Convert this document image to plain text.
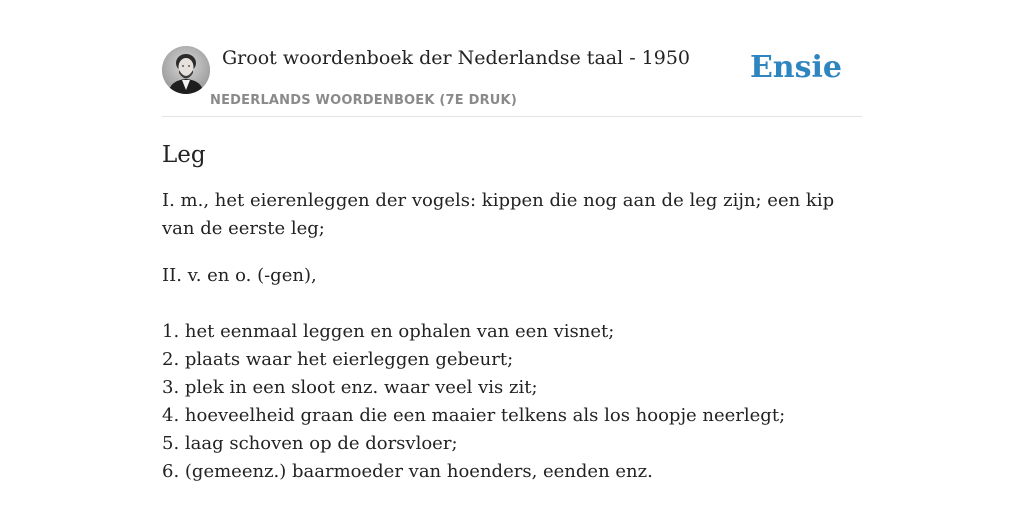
Groot woordenboek der Nederlandse taal - 1950
NEDERLANDS WOORDENBOEK (7E DRUK)
Ensie
Leg

I. m., het eierenleggen der vogels: kippen die nog aan de leg zijn; een kip van de eerste leg;

II. v. en o. (-gen),

1. het eenmaal leggen en ophalen van een visnet;
2. plaats waar het eierleggen gebeurt;
3. plek in een sloot enz. waar veel vis zit;
4. hoeveelheid graan die een maaier telkens als los hoopje neerlegt;
5. laag schoven op de dorsvloer;
6. (gemeenz.) baarmoeder van hoenders, eenden enz.
